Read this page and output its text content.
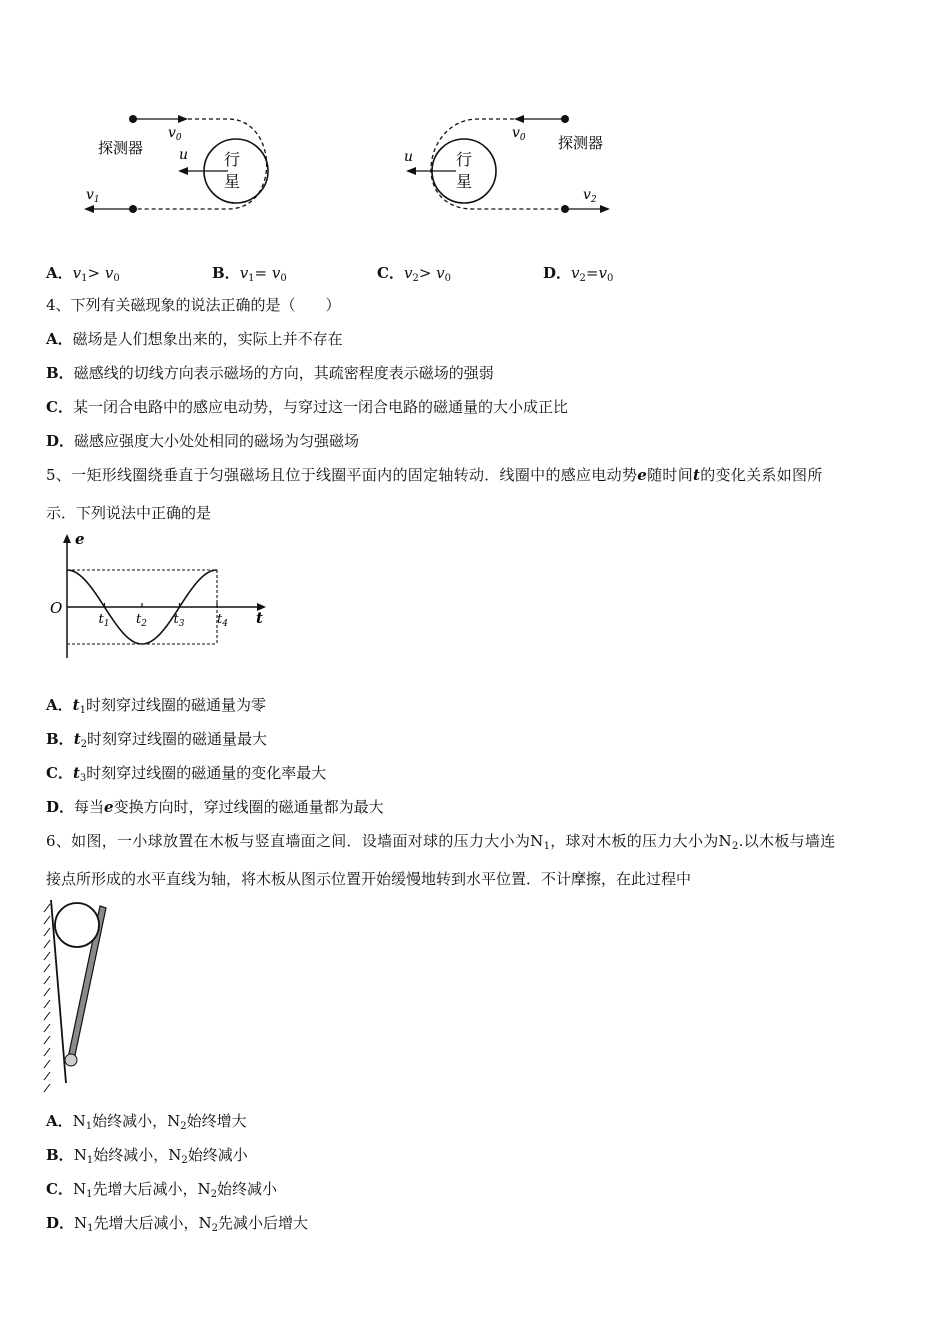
$v_0$
探测器
行
星
u
$v_1$
$v_0$ 探测器
行
星
u
$v_2$
A．$v_1> v_0$	B．$v_1= v_0$	C．$v_2> v_0$	D．$v_2=v_0$
4、下列有关磁现象的说法正确的是（　　）
A．磁场是人们想象出来的，实际上并不存在
B．磁感线的切线方向表示磁场的方向，其疏密程度表示磁场的强弱
C．某一闭合电路中的感应电动势，与穿过这一闭合电路的磁通量的大小成正比
D．磁感应强度大小处处相同的磁场为匀强磁场
5、一矩形线圈绕垂直于匀强磁场且位于线圈平面内的固定轴转动．线圈中的感应电动势e随时间t的变化关系如图所
示．下列说法中正确的是
e
t
O
$t_1$ $t_2$ $t_3$	$t_4$
A．$t_1$时刻穿过线圈的磁通量为零
B．$t_2$时刻穿过线圈的磁通量最大
C．$t_3$时刻穿过线圈的磁通量的变化率最大
D．每当e变换方向时，穿过线圈的磁通量都为最大
6、如图，一小球放置在木板与竖直墙面之间．设墙面对球的压力大小为$N_1$，球对木板的压力大小为$N_2$.以木板与墙连
接点所形成的水平直线为轴，将木板从图示位置开始缓慢地转到水平位置．不计摩擦，在此过程中
A．$N_1$始终减小，$N_2$始终增大
B．$N_1$始终减小，$N_2$始终减小
C．$N_1$先增大后减小，$N_2$始终减小
D．$N_1$先增大后减小，$N_2$先减小后增大
